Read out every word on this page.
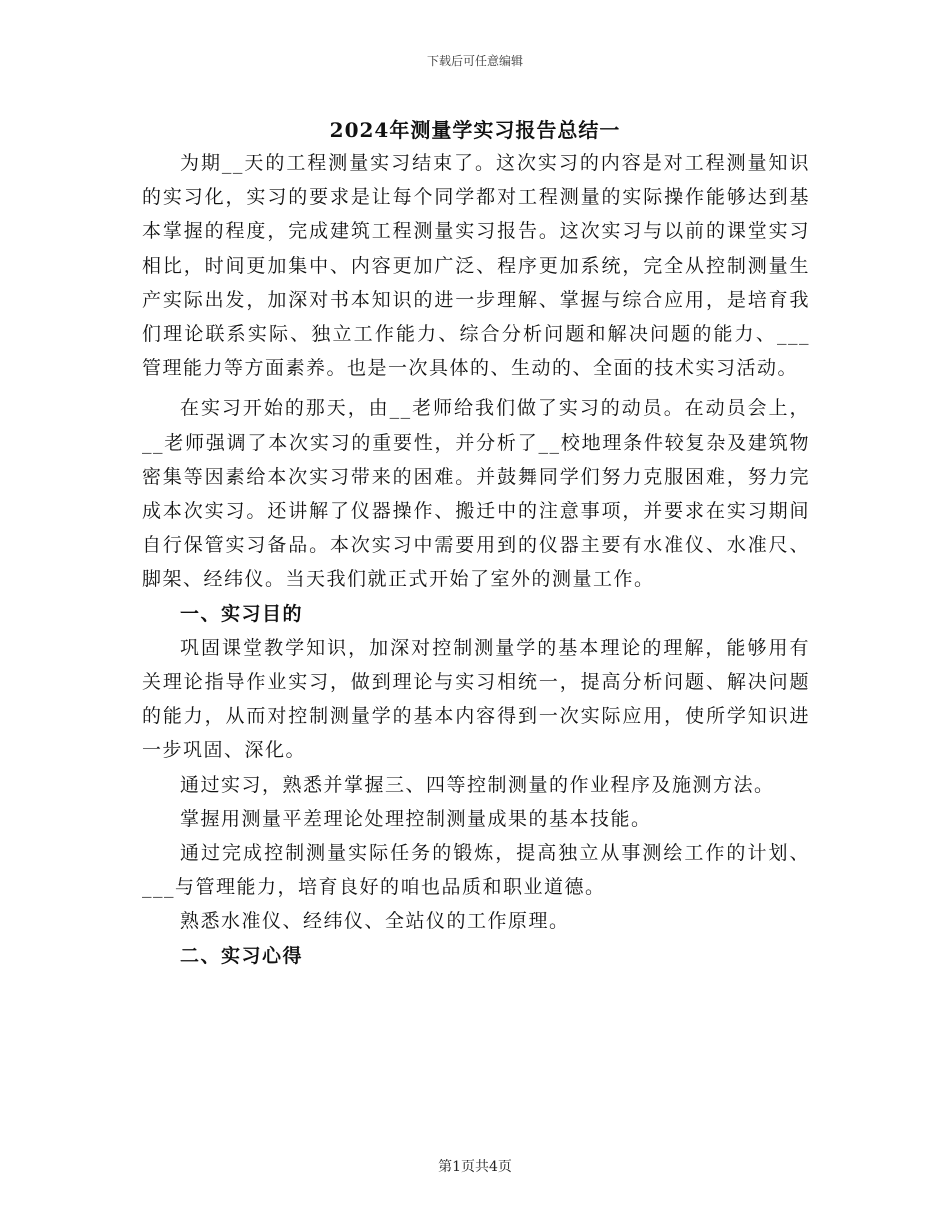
下载后可任意编辑
2024年测量学实习报告总结一

为期__天的工程测量实习结束了。这次实习的内容是对工程测量知识的实习化，实习的要求是让每个同学都对工程测量的实际操作能够达到基本掌握的程度，完成建筑工程测量实习报告。这次实习与以前的课堂实习相比，时间更加集中、内容更加广泛、程序更加系统，完全从控制测量生产实际出发，加深对书本知识的进一步理解、掌握与综合应用，是培育我们理论联系实际、独立工作能力、综合分析问题和解决问题的能力、___管理能力等方面素养。也是一次具体的、生动的、全面的技术实习活动。

在实习开始的那天，由__老师给我们做了实习的动员。在动员会上，__老师强调了本次实习的重要性，并分析了__校地理条件较复杂及建筑物密集等因素给本次实习带来的困难。并鼓舞同学们努力克服困难，努力完成本次实习。还讲解了仪器操作、搬迁中的注意事项，并要求在实习期间自行保管实习备品。本次实习中需要用到的仪器主要有水准仪、水准尺、脚架、经纬仪。当天我们就正式开始了室外的测量工作。

一、实习目的

巩固课堂教学知识，加深对控制测量学的基本理论的理解，能够用有关理论指导作业实习，做到理论与实习相统一，提高分析问题、解决问题的能力，从而对控制测量学的基本内容得到一次实际应用，使所学知识进一步巩固、深化。

通过实习，熟悉并掌握三、四等控制测量的作业程序及施测方法。

掌握用测量平差理论处理控制测量成果的基本技能。

通过完成控制测量实际任务的锻炼，提高独立从事测绘工作的计划、___与管理能力，培育良好的咱也品质和职业道德。

熟悉水准仪、经纬仪、全站仪的工作原理。

二、实习心得
第1页共4页
